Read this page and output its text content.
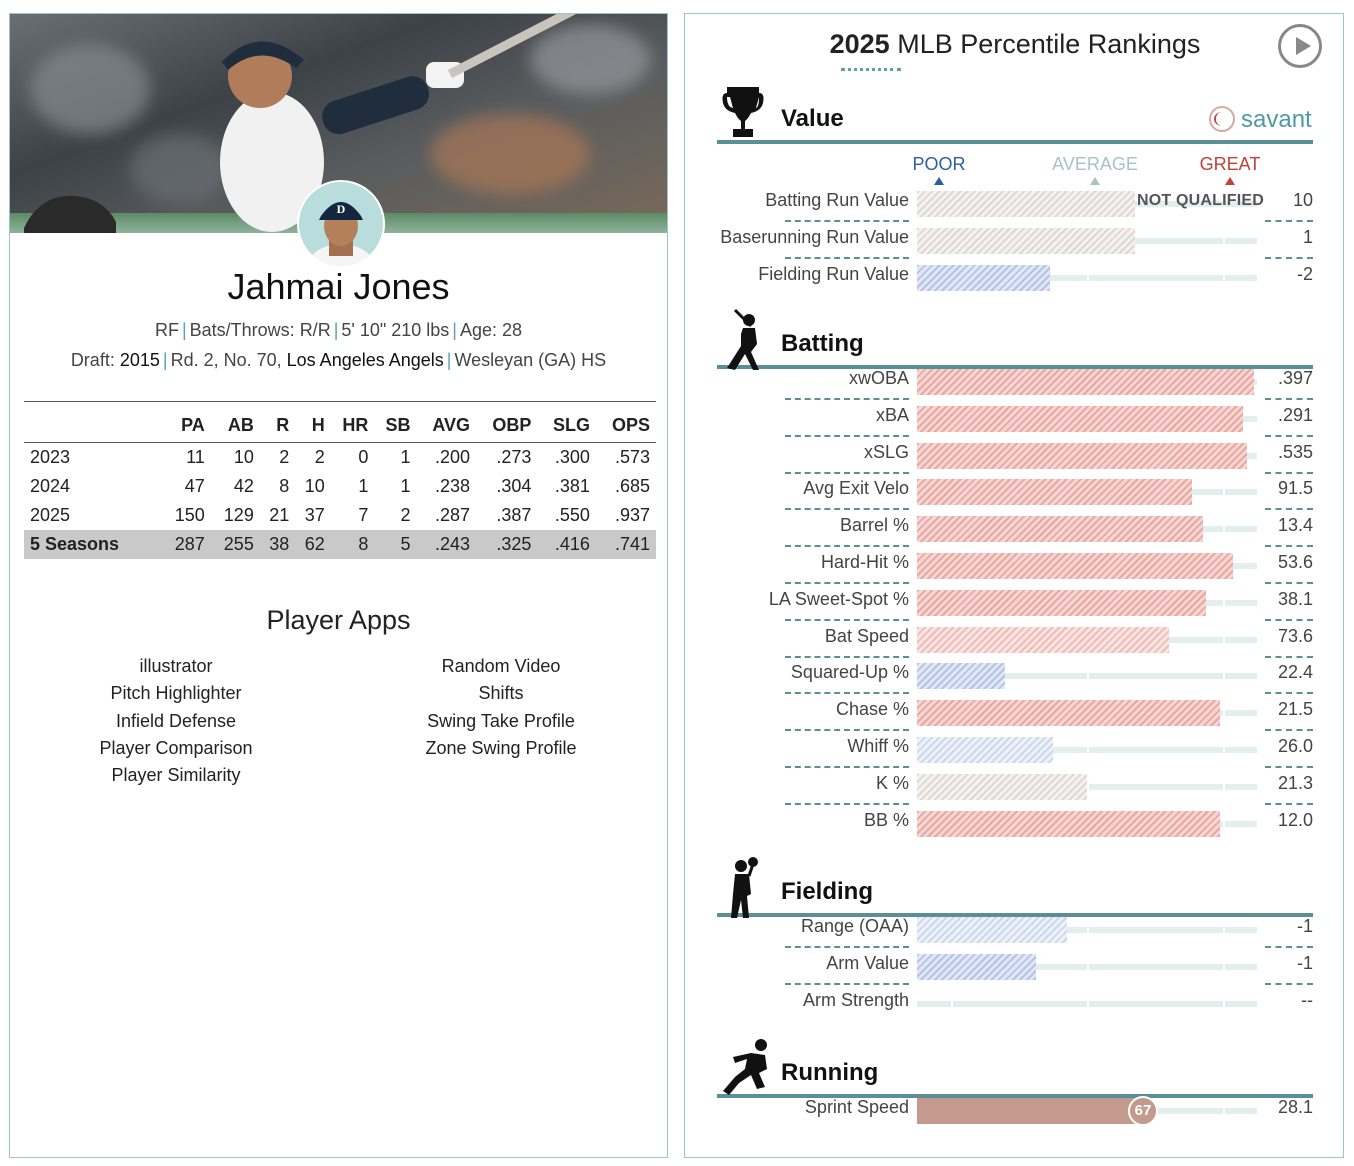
D
Jahmai Jones
RF | Bats/Throws: R/R | 5' 10" 210 lbs | Age: 28
Draft: 2015 | Rd. 2, No. 70, Los Angeles Angels | Wesleyan (GA) HS
	PA	AB	R	H	HR	SB	AVG	OBP	SLG	OPS
2023	11	10	2	2	0	1	.200	.273	.300	.573
2024	47	42	8	10	1	1	.238	.304	.381	.685
2025	150	129	21	37	7	2	.287	.387	.550	.937
5 Seasons	287	255	38	62	8	5	.243	.325	.416	.741
Player Apps
illustrator
Pitch Highlighter
Infield Defense
Player Comparison
Player Similarity
Random Video
Shifts
Swing Take Profile
Zone Swing Profile
2025 MLB Percentile Rankings
savant
Value
POOR	AVERAGE	GREAT
Batting Run Value	NOT QUALIFIED	10
Baserunning Run Value	1
Fielding Run Value	-2
Batting
xwOBA	.397
xBA	.291
xSLG	.535
Avg Exit Velo	91.5
Barrel %	13.4
Hard-Hit %	53.6
LA Sweet-Spot %	38.1
Bat Speed	73.6
Squared-Up %	22.4
Chase %	21.5
Whiff %	26.0
K %	21.3
BB %	12.0
Fielding
Range (OAA)	-1
Arm Value	-1
Arm Strength	--
Running
Sprint Speed	67	28.1
